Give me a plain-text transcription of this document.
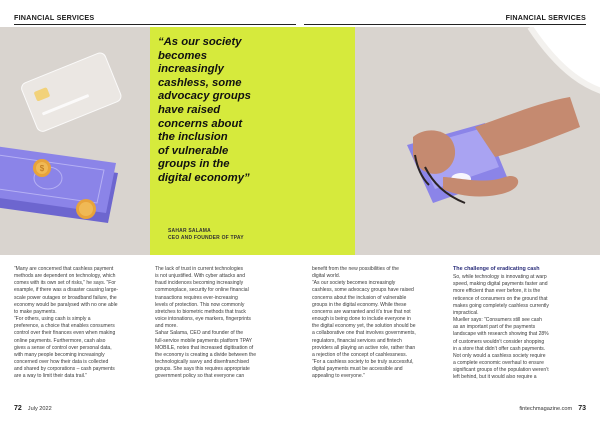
FINANCIAL SERVICES	FINANCIAL SERVICES
$
“As our society
becomes
increasingly
cashless, some
advocacy groups
have raised
concerns about
the inclusion
of vulnerable
groups in the
digital economy”
SAHAR SALAMA
CEO AND FOUNDER OF TPAY

“Many are concerned that cashless payment

methods are dependent on technology, which

comes with its own set of risks,” he says. “For

example, if there was a disaster causing large-

scale power outages or broadband failure, the

economy would be paralysed with no one able

to make payments.

“For others, using cash is simply a

preference, a choice that enables consumers

control over their finances even when making

online payments. Furthermore, cash also

gives a sense of control over personal data,

with many people becoming increasingly

concerned over how their data is collected

and shared by corporations – cash payments

are a way to limit their data trail.”

The lack of trust in current technologies

is not unjustified. With cyber attacks and

fraud incidences becoming increasingly

commonplace, security for online financial

transactions requires ever-increasing

levels of protection. This now commonly

stretches to biometric methods that track

voice intonations, eye markers, fingerprints

and more.

Sahar Salama, CEO and founder of the

full-service mobile payments platform TPAY

MOBILE, notes that increased digitisation of

the economy is creating a divide between the

technologically savvy and disenfranchised

groups. She says this requires appropriate

government policy so that everyone can

benefit from the new possibilities of the

digital world.

“As our society becomes increasingly

cashless, some advocacy groups have raised

concerns about the inclusion of vulnerable

groups in the digital economy. While these

concerns are warranted and it’s true that not

enough is being done to include everyone in

the digital economy yet, the solution should be

a collaborative one that involves governments,

regulators, financial services and fintech

providers all playing an active role, rather than

a rejection of the concept of cashlessness.

“For a cashless society to be truly successful,

digital payments must be accessible and

appealing to everyone.”

The challenge of eradicating cash

So, while technology is innovating at warp

speed, making digital payments faster and

more efficient than ever before, it is the

reticence of consumers on the ground that

makes going completely cashless currently

impractical.

Mueller says: “Consumers still see cash

as an important part of the payments

landscape with research showing that 28%

of customers wouldn’t consider shopping

in a store that didn’t offer cash payments.

Not only would a cashless society require

a complete economic overhaul to ensure

significant groups of the population weren’t

left behind, but it would also require a

72 July 2022	fintechmagazine.com 73
